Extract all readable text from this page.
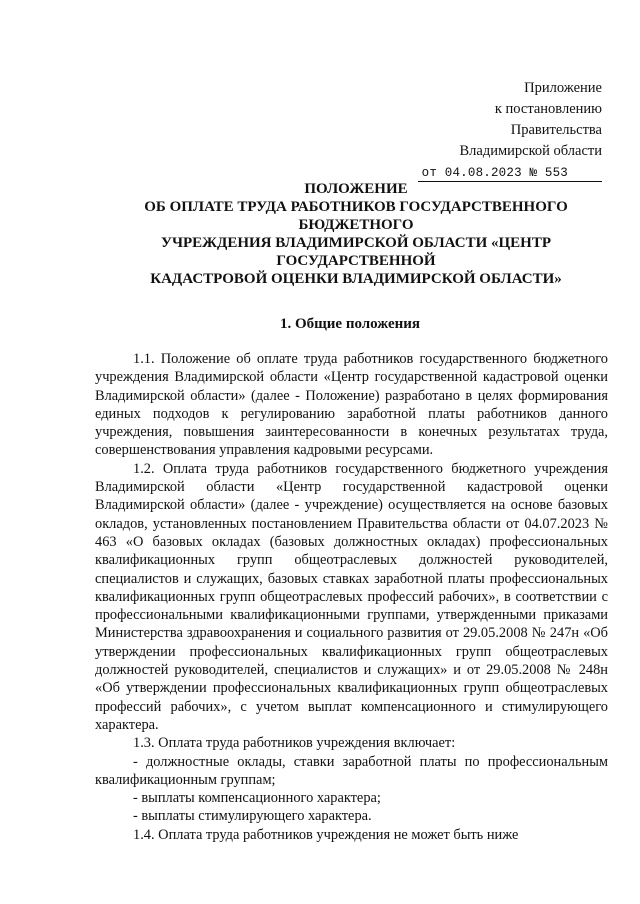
Приложение
к постановлению
Правительства
Владимирской области
от 04.08.2023 № 553
ПОЛОЖЕНИЕ
ОБ ОПЛАТЕ ТРУДА РАБОТНИКОВ ГОСУДАРСТВЕННОГО
БЮДЖЕТНОГО
УЧРЕЖДЕНИЯ ВЛАДИМИРСКОЙ ОБЛАСТИ «ЦЕНТР
ГОСУДАРСТВЕННОЙ
КАДАСТРОВОЙ ОЦЕНКИ ВЛАДИМИРСКОЙ ОБЛАСТИ»
1. Общие положения

1.1. Положение об оплате труда работников государственного бюджетного учреждения Владимирской области «Центр государственной кадастровой оценки Владимирской области» (далее - Положение) разработано в целях формирования единых подходов к регулированию заработной платы работников данного учреждения, повышения заинтересованности в конечных результатах труда, совершенствования управления кадровыми ресурсами.

1.2. Оплата труда работников государственного бюджетного учреждения Владимирской области «Центр государственной кадастровой оценки Владимирской области» (далее - учреждение) осуществляется на основе базовых окладов, установленных постановлением Правительства области от 04.07.2023 № 463 «О базовых окладах (базовых должностных окладах) профессиональных квалификационных групп общеотраслевых должностей руководителей, специалистов и служащих, базовых ставках заработной платы профессиональных квалификационных групп общеотраслевых профессий рабочих», в соответствии с профессиональными квалификационными группами, утвержденными приказами Министерства здравоохранения и социального развития от 29.05.2008 № 247н «Об утверждении профессиональных квалификационных групп общеотраслевых должностей руководителей, специалистов и служащих» и от 29.05.2008 № 248н «Об утверждении профессиональных квалификационных групп общеотраслевых профессий рабочих», с учетом выплат компенсационного и стимулирующего характера.

1.3. Оплата труда работников учреждения включает:

- должностные оклады, ставки заработной платы по профессиональным квалификационным группам;

- выплаты компенсационного характера;

- выплаты стимулирующего характера.

1.4. Оплата труда работников учреждения не может быть ниже
